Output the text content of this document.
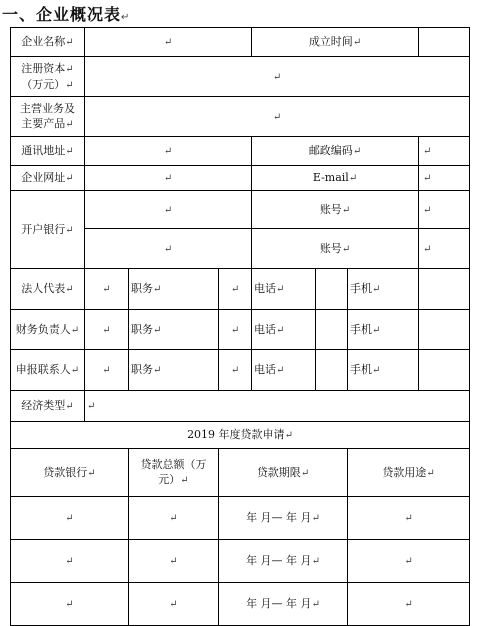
一、企业概况表↵
企业名称↵	↵			成立时间↵			
注册资本↵
（万元）↵	↵						
主营业务及
主要产品↵	↵						
通讯地址↵	↵			邮政编码↵			↵
企业网址↵	↵			E-mail↵			↵
开户银行↵	↵			账号↵			↵
	↵			账号↵			↵
法人代表↵	↵	职务↵	↵	电话↵		手机↵	
财务负责人↵	↵	职务↵	↵	电话↵		手机↵	
申报联系人↵	↵	职务↵	↵	电话↵		手机↵	
经济类型↵	↵						
2019 年度贷款申请↵							
贷款银行↵		贷款总额（万
元）↵	贷款期限↵			贷款用途↵	
↵		↵	年 月— 年 月↵			↵	
↵		↵	年 月— 年 月↵			↵	
↵		↵	年 月— 年 月↵			↵	
